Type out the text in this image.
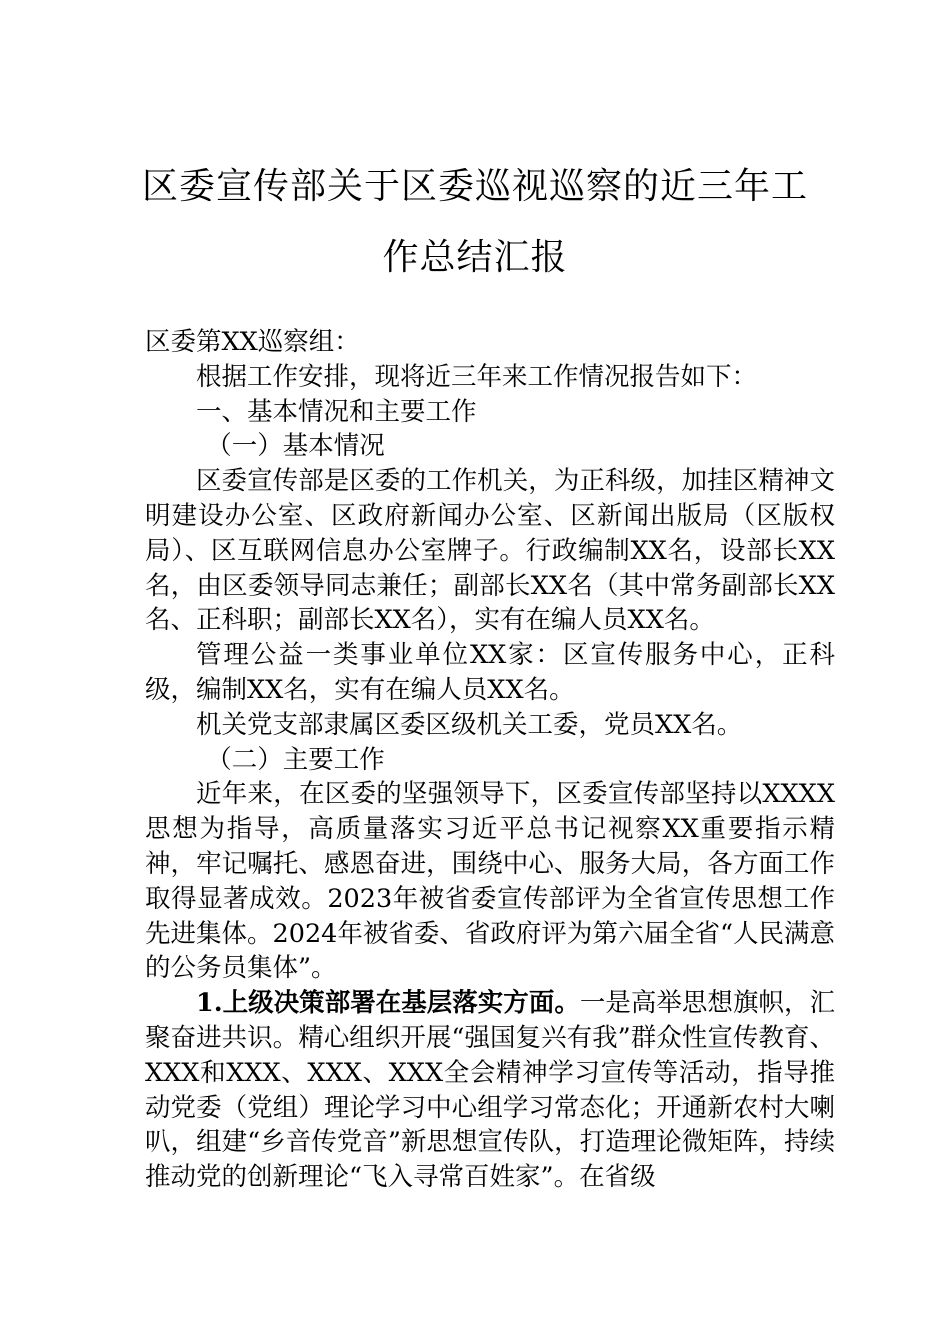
区委宣传部关于区委巡视巡察的近三年工
作总结汇报

区委第XX巡察组：

根据工作安排，现将近三年来工作情况报告如下：

一、基本情况和主要工作

（一）基本情况

区委宣传部是区委的工作机关，为正科级，加挂区精神文明建设办公室、区政府新闻办公室、区新闻出版局（区版权局）、区互联网信息办公室牌子。行政编制XX名，设部长XX名，由区委领导同志兼任；副部长XX名（其中常务副部长XX名、正科职；副部长XX名），实有在编人员XX名。

管理公益一类事业单位XX家：区宣传服务中心，正科级，编制XX名，实有在编人员XX名。

机关党支部隶属区委区级机关工委，党员XX名。

（二）主要工作

近年来，在区委的坚强领导下，区委宣传部坚持以XXXX思想为指导，高质量落实习近平总书记视察XX重要指示精神，牢记嘱托、感恩奋进，围绕中心、服务大局，各方面工作取得显著成效。2023年被省委宣传部评为全省宣传思想工作先进集体。2024年被省委、省政府评为第六届全省“人民满意的公务员集体”。

1.上级决策部署在基层落实方面。一是高举思想旗帜，汇聚奋进共识。精心组织开展“强国复兴有我”群众性宣传教育、XXX和XXX、XXX、XXX全会精神学习宣传等活动，指导推动党委（党组）理论学习中心组学习常态化；开通新农村大喇叭，组建“乡音传党音”新思想宣传队，打造理论微矩阵，持续推动党的创新理论“飞入寻常百姓家”。在省级
